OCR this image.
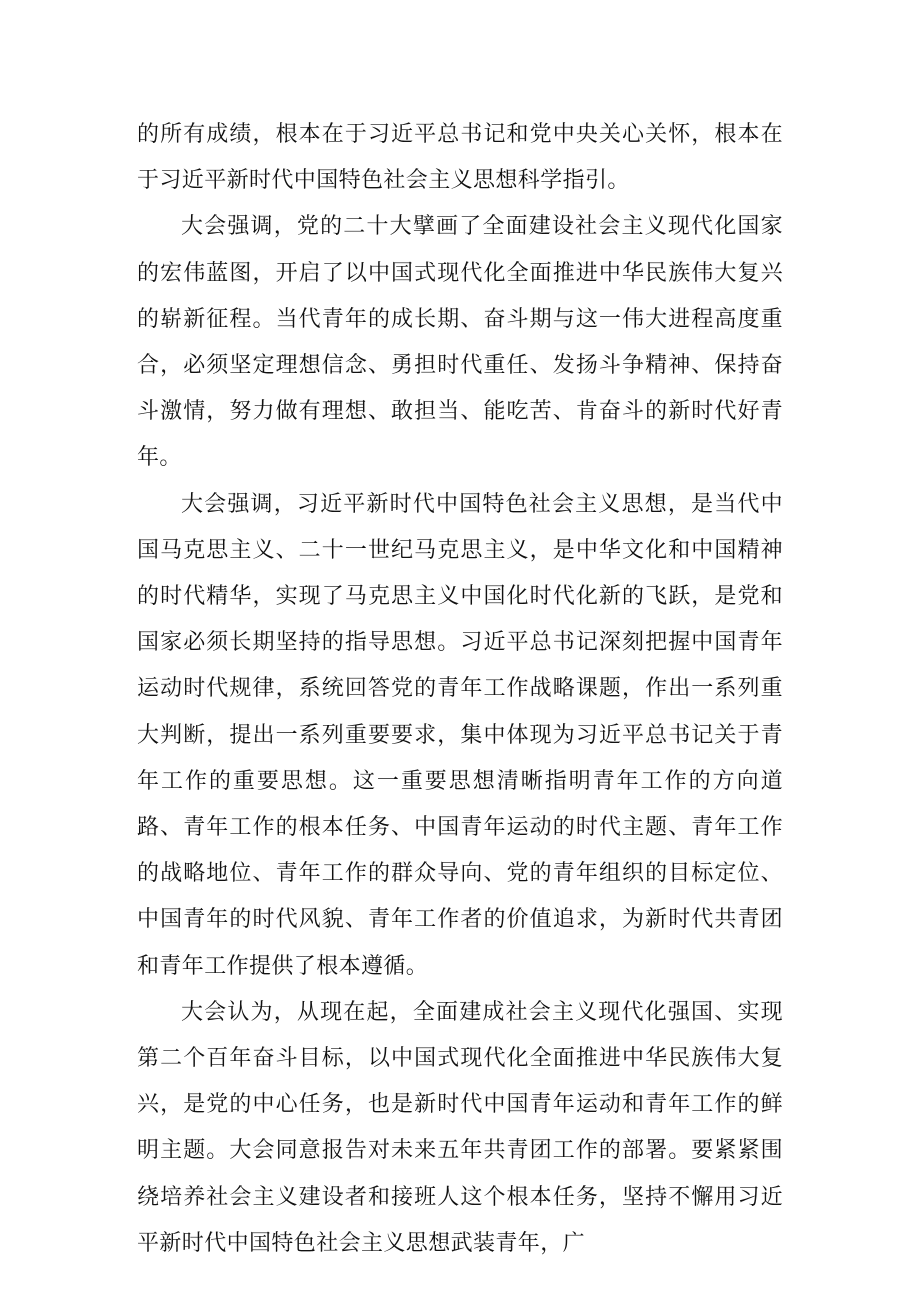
的所有成绩，根本在于习近平总书记和党中央关心关怀，根本在于习近平新时代中国特色社会主义思想科学指引。

大会强调，党的二十大擘画了全面建设社会主义现代化国家的宏伟蓝图，开启了以中国式现代化全面推进中华民族伟大复兴的崭新征程。当代青年的成长期、奋斗期与这一伟大进程高度重合，必须坚定理想信念、勇担时代重任、发扬斗争精神、保持奋斗激情，努力做有理想、敢担当、能吃苦、肯奋斗的新时代好青年。

大会强调，习近平新时代中国特色社会主义思想，是当代中国马克思主义、二十一世纪马克思主义，是中华文化和中国精神的时代精华，实现了马克思主义中国化时代化新的飞跃，是党和国家必须长期坚持的指导思想。习近平总书记深刻把握中国青年运动时代规律，系统回答党的青年工作战略课题，作出一系列重大判断，提出一系列重要要求，集中体现为习近平总书记关于青年工作的重要思想。这一重要思想清晰指明青年工作的方向道路、青年工作的根本任务、中国青年运动的时代主题、青年工作的战略地位、青年工作的群众导向、党的青年组织的目标定位、中国青年的时代风貌、青年工作者的价值追求，为新时代共青团和青年工作提供了根本遵循。

大会认为，从现在起，全面建成社会主义现代化强国、实现第二个百年奋斗目标，以中国式现代化全面推进中华民族伟大复兴，是党的中心任务，也是新时代中国青年运动和青年工作的鲜明主题。大会同意报告对未来五年共青团工作的部署。要紧紧围绕培养社会主义建设者和接班人这个根本任务，坚持不懈用习近平新时代中国特色社会主义思想武装青年，广
